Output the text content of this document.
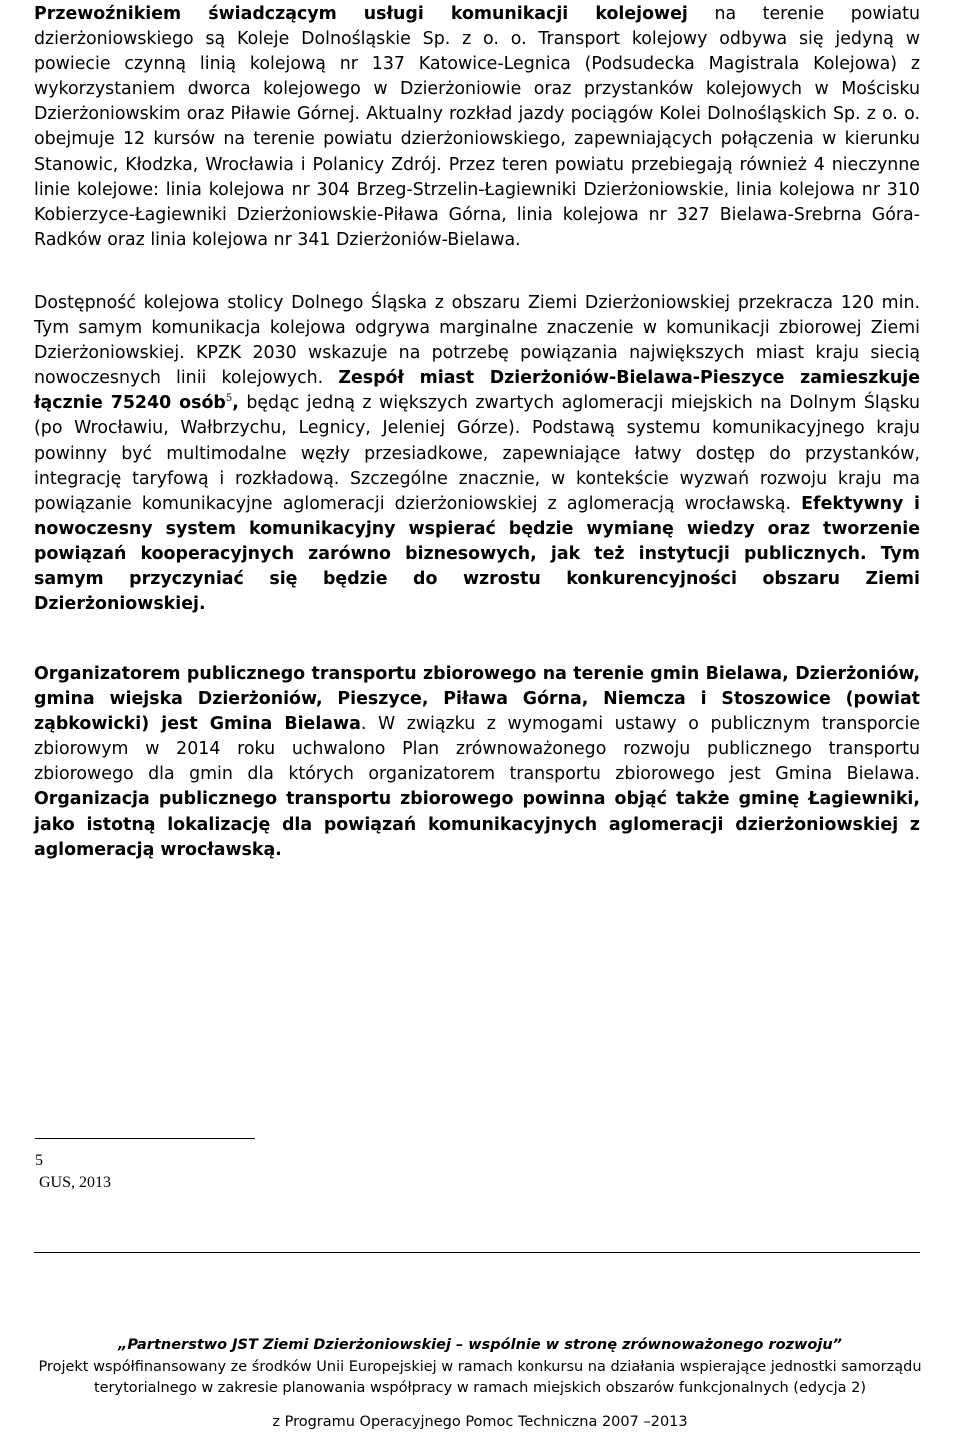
Przewoźnikiem świadczącym usługi komunikacji kolejowej na terenie powiatu dzierżoniowskiego są Koleje Dolnośląskie Sp. z o. o. Transport kolejowy odbywa się jedyną w powiecie czynną linią kolejową nr 137 Katowice-Legnica (Podsudecka Magistrala Kolejowa) z wykorzystaniem dworca kolejowego w Dzierżoniowie oraz przystanków kolejowych w Mościsku Dzierżoniowskim oraz Piławie Górnej. Aktualny rozkład jazdy pociągów Kolei Dolnośląskich Sp. z o. o. obejmuje 12 kursów na terenie powiatu dzierżoniowskiego, zapewniających połączenia w kierunku Stanowic, Kłodzka, Wrocławia i Polanicy Zdrój. Przez teren powiatu przebiegają również 4 nieczynne linie kolejowe: linia kolejowa nr 304 Brzeg-Strzelin-Łagiewniki Dzierżoniowskie, linia kolejowa nr 310 Kobierzyce-Łagiewniki Dzierżoniowskie-Piława Górna, linia kolejowa nr 327 Bielawa-Srebrna Góra-Radków oraz linia kolejowa nr 341 Dzierżoniów-Bielawa.

Dostępność kolejowa stolicy Dolnego Śląska z obszaru Ziemi Dzierżoniowskiej przekracza 120 min. Tym samym komunikacja kolejowa odgrywa marginalne znaczenie w komunikacji zbiorowej Ziemi Dzierżoniowskiej. KPZK 2030 wskazuje na potrzebę powiązania największych miast kraju siecią nowoczesnych linii kolejowych. Zespół miast Dzierżoniów-Bielawa-Pieszyce zamieszkuje łącznie 75240 osób$^5$, będąc jedną z większych zwartych aglomeracji miejskich na Dolnym Śląsku (po Wrocławiu, Wałbrzychu, Legnicy, Jeleniej Górze). Podstawą systemu komunikacyjnego kraju powinny być multimodalne węzły przesiadkowe, zapewniające łatwy dostęp do przystanków, integrację taryfową i rozkładową. Szczególne znacznie, w kontekście wyzwań rozwoju kraju ma powiązanie komunikacyjne aglomeracji dzierżoniowskiej z aglomeracją wrocławską. Efektywny i nowoczesny system komunikacyjny wspierać będzie wymianę wiedzy oraz tworzenie powiązań kooperacyjnych zarówno biznesowych, jak też instytucji publicznych. Tym samym przyczyniać się będzie do wzrostu konkurencyjności obszaru Ziemi Dzierżoniowskiej.

Organizatorem publicznego transportu zbiorowego na terenie gmin Bielawa, Dzierżoniów, gmina wiejska Dzierżoniów, Pieszyce, Piława Górna, Niemcza i Stoszowice (powiat ząbkowicki) jest Gmina Bielawa. W związku z wymogami ustawy o publicznym transporcie zbiorowym w 2014 roku uchwalono Plan zrównoważonego rozwoju publicznego transportu zbiorowego dla gmin dla których organizatorem transportu zbiorowego jest Gmina Bielawa. Organizacja publicznego transportu zbiorowego powinna objąć także gminę Łagiewniki, jako istotną lokalizację dla powiązań komunikacyjnych aglomeracji dzierżoniowskiej z aglomeracją wrocławską.

5
GUS, 2013
„Partnerstwo JST Ziemi Dzierżoniowskiej – wspólnie w stronę zrównoważonego rozwoju”
Projekt współfinansowany ze środków Unii Europejskiej w ramach konkursu na działania wspierające jednostki samorządu
terytorialnego w zakresie planowania współpracy w ramach miejskich obszarów funkcjonalnych (edycja 2)
z Programu Operacyjnego Pomoc Techniczna 2007 –2013
